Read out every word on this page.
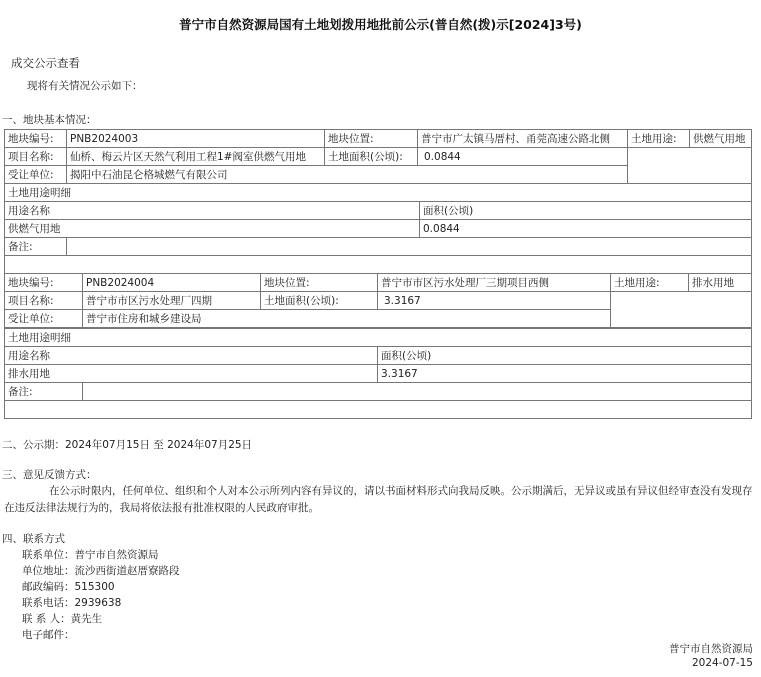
普宁市自然资源局国有土地划拨用地批前公示(普自然(拨)示[2024]3号)
成交公示查看
现将有关情况公示如下：
一、地块基本情况：
地块编号:	PNB2024003	地块位置:	普宁市广太镇马厝村、甬莞高速公路北侧	土地用途:	供燃气用地
项目名称:	仙桥、梅云片区天然气利用工程1#阀室供燃气用地	土地面积(公顷):	0.0844		
受让单位:	揭阳中石油昆仑格城燃气有限公司				
土地用途明细		
用途名称		面积(公顷)
供燃气用地		0.0844
备注:		

地块编号:	PNB2024004	地块位置:	普宁市市区污水处理厂三期项目西侧	土地用途:	排水用地
项目名称:	普宁市市区污水处理厂四期	土地面积(公顷):	3.3167		
受让单位:	普宁市住房和城乡建设局				
土地用途明细		
用途名称		面积(公顷)
排水用地		3.3167
备注:		

二、公示期：2024年07月15日 至 2024年07月25日
三、意见反馈方式：
在公示时限内，任何单位、组织和个人对本公示所列内容有异议的，请以书面材料形式向我局反映。公示期满后，无异议或虽有异议但经审查没有发现存在违反法律法规行为的，我局将依法报有批准权限的人民政府审批。
四、联系方式
联系单位：普宁市自然资源局
单位地址：流沙西街道赵厝寮路段
邮政编码：515300
联系电话：2939638
联 系 人：黄先生
电子邮件：
普宁市自然资源局
2024-07-15
